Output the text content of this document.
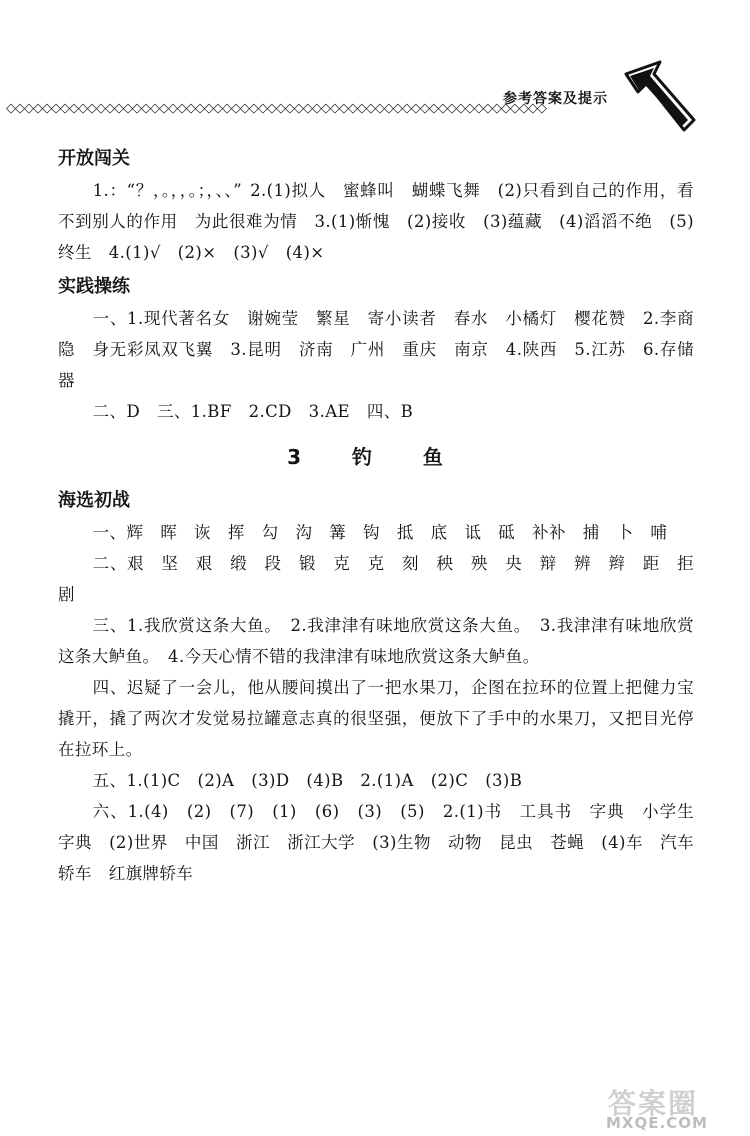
◇◇◇◇◇◇◇◇◇◇◇◇◇◇◇◇◇◇◇◇◇◇◇◇◇◇◇◇◇◇◇◇◇◇◇◇◇◇◇◇◇◇◇◇◇◇◇◇◇◇◇◇◇◇◇◇◇◇◇◇
参考答案及提示
开放闯关

1.：“？，。，，。；，、、” 2.(1)拟人　蜜蜂叫　蝴蝶飞舞　(2)只看到自己的作用，看不到别人的作用　为此很难为情　3.(1)惭愧　(2)接收　(3)蕴藏　(4)滔滔不绝　(5)终生　4.(1)√　(2)×　(3)√　(4)×

实践操练

一、1.现代著名女　谢婉莹　繁星　寄小读者　春水　小橘灯　樱花赞　2.李商隐　身无彩凤双飞翼　3.昆明　济南　广州　重庆　南京　4.陕西　5.江苏　6.存储器

二、D　三、1.BF　2.CD　3.AE　四、B

3 钓 鱼
海选初战

一、辉　晖　诙　挥　勾　沟　篝　钩　抵　底　诋　砥　补补　捕　卜　哺

二、艰　坚　艰　缎　段　锻　克　克　刻　秧　殃　央　辩　辨　辫　距　拒　剧

三、1.我欣赏这条大鱼。　2.我津津有味地欣赏这条大鱼。　3.我津津有味地欣赏这条大鲈鱼。　4.今天心情不错的我津津有味地欣赏这条大鲈鱼。

四、迟疑了一会儿，他从腰间摸出了一把水果刀，企图在拉环的位置上把健力宝撬开，撬了两次才发觉易拉罐意志真的很坚强，便放下了手中的水果刀，又把目光停在拉环上。

五、1.(1)C　(2)A　(3)D　(4)B　2.(1)A　(2)C　(3)B

六、1.(4)　(2)　(7)　(1)　(6)　(3)　(5)　2.(1)书　工具书　字典　小学生字典　(2)世界　中国　浙江　浙江大学　(3)生物　动物　昆虫　苍蝇　(4)车　汽车　轿车　红旗牌轿车

答案圈
MXQE.COM
